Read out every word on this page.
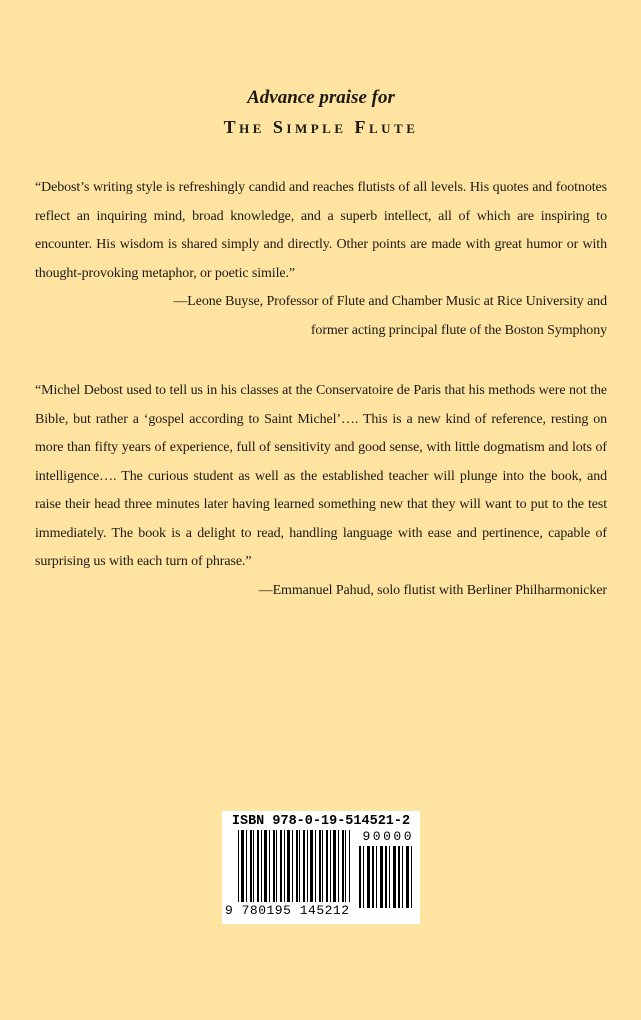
Advance praise for
The Simple Flute

“Debost’s writing style is refreshingly candid and reaches flutists of all levels. His quotes and footnotes reflect an inquiring mind, broad knowledge, and a superb intellect, all of which are inspiring to encounter. His wisdom is shared simply and directly. Other points are made with great humor or with thought-provoking metaphor, or poetic simile.”

—Leone Buyse, Professor of Flute and Chamber Music at Rice University and
former acting principal flute of the Boston Symphony

“Michel Debost used to tell us in his classes at the Conservatoire de Paris that his methods were not the Bible, but rather a ‘gospel according to Saint Michel’…. This is a new kind of reference, resting on more than fifty years of experience, full of sensitivity and good sense, with little dogmatism and lots of intelligence…. The curious student as well as the established teacher will plunge into the book, and raise their head three minutes later having learned something new that they will want to put to the test immediately. The book is a delight to read, handling language with ease and pertinence, capable of surprising us with each turn of phrase.”

—Emmanuel Pahud, solo flutist with Berliner Philharmonicker
ISBN 978-0-19-514521-2
9 780195 145212
90000
